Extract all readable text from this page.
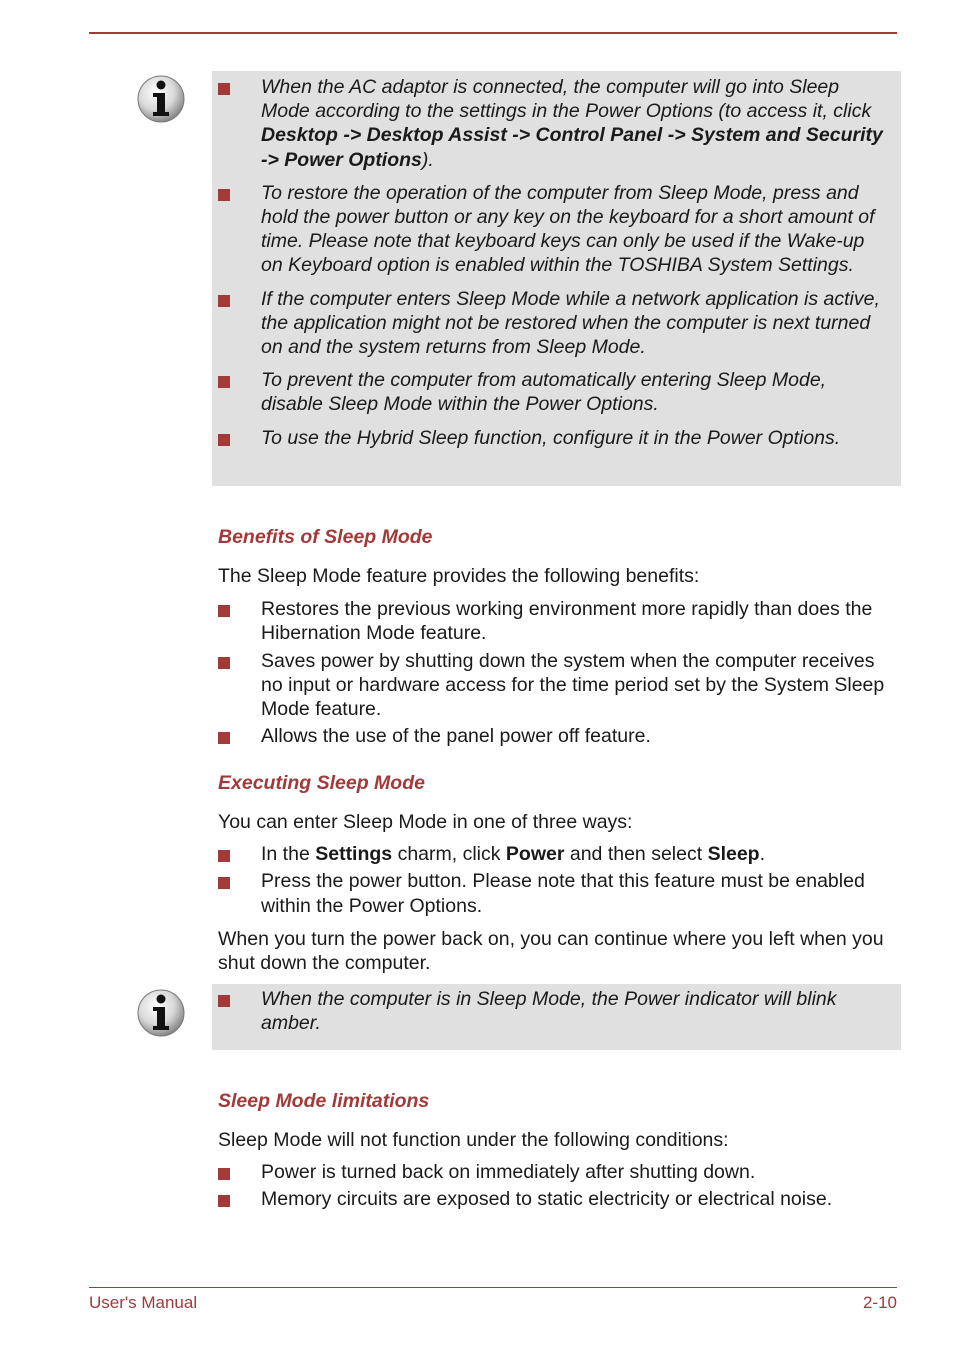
When the AC adaptor is connected, the computer will go into Sleep Mode according to the settings in the Power Options (to access it, click Desktop -> Desktop Assist -> Control Panel -> System and Security -> Power Options).
To restore the operation of the computer from Sleep Mode, press and hold the power button or any key on the keyboard for a short amount of time. Please note that keyboard keys can only be used if the Wake-up on Keyboard option is enabled within the TOSHIBA System Settings.
If the computer enters Sleep Mode while a network application is active, the application might not be restored when the computer is next turned on and the system returns from Sleep Mode.
To prevent the computer from automatically entering Sleep Mode, disable Sleep Mode within the Power Options.
To use the Hybrid Sleep function, configure it in the Power Options.
Benefits of Sleep Mode

The Sleep Mode feature provides the following benefits:

Restores the previous working environment more rapidly than does the Hibernation Mode feature.
Saves power by shutting down the system when the computer receives no input or hardware access for the time period set by the System Sleep Mode feature.
Allows the use of the panel power off feature.
Executing Sleep Mode

You can enter Sleep Mode in one of three ways:

In the Settings charm, click Power and then select Sleep.
Press the power button. Please note that this feature must be enabled within the Power Options.

When you turn the power back on, you can continue where you left when you shut down the computer.

When the computer is in Sleep Mode, the Power indicator will blink amber.
Sleep Mode limitations

Sleep Mode will not function under the following conditions:

Power is turned back on immediately after shutting down.
Memory circuits are exposed to static electricity or electrical noise.
User's Manual	2-10
